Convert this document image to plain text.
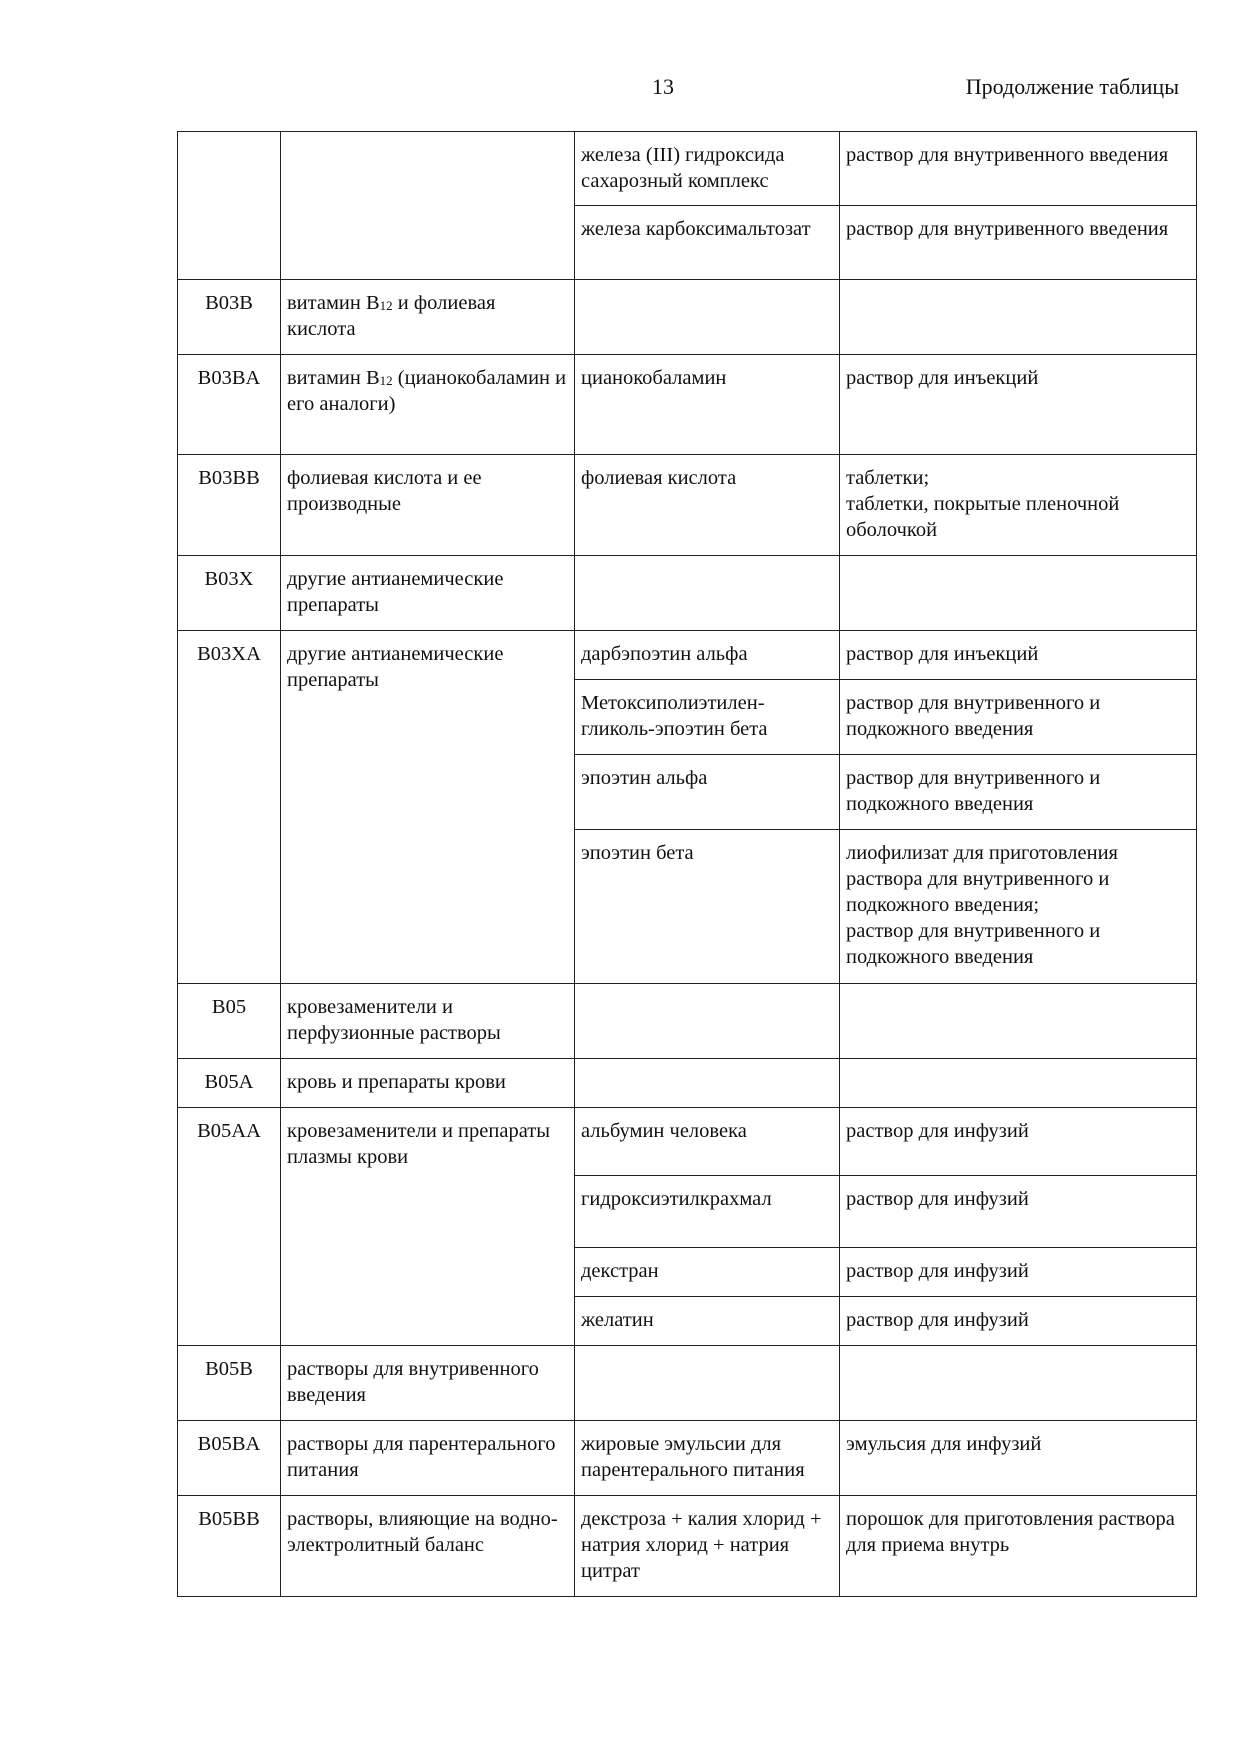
13	Продолжение таблицы
		железа (III) гидроксида сахарозный комплекс	раствор для внутривенного введения
		железа карбоксимальтозат	раствор для внутривенного введения
B03B	витамин $B_{12}$ и фолиевая кислота		
B03BA	витамин $B_{12}$ (цианокобаламин и его аналоги)	цианокобаламин	раствор для инъекций
B03BB	фолиевая кислота и ее производные	фолиевая кислота	таблетки;
таблетки, покрытые пленочной оболочкой

B03X	другие антианемические препараты		
B03XA	другие антианемические препараты	дарбэпоэтин альфа	раствор для инъекций
		Метоксиполиэтилен-гликоль-эпоэтин бета	раствор для внутривенного и подкожного введения
		эпоэтин альфа	раствор для внутривенного и подкожного введения
		эпоэтин бета	лиофилизат для приготовления раствора для внутривенного и подкожного введения;
раствор для внутривенного и подкожного введения

B05	кровезаменители и перфузионные растворы		
B05A	кровь и препараты крови		
B05AA	кровезаменители и препараты плазмы крови	альбумин человека	раствор для инфузий
		гидроксиэтилкрахмал	раствор для инфузий
		декстран	раствор для инфузий
		желатин	раствор для инфузий
B05B	растворы для внутривенного введения		
B05BA	растворы для парентерального питания	жировые эмульсии для парентерального питания	эмульсия для инфузий
B05BB	растворы, влияющие на водно-электролитный баланс	декстроза + калия хлорид + натрия хлорид + натрия цитрат	порошок для приготовления раствора для приема внутрь
